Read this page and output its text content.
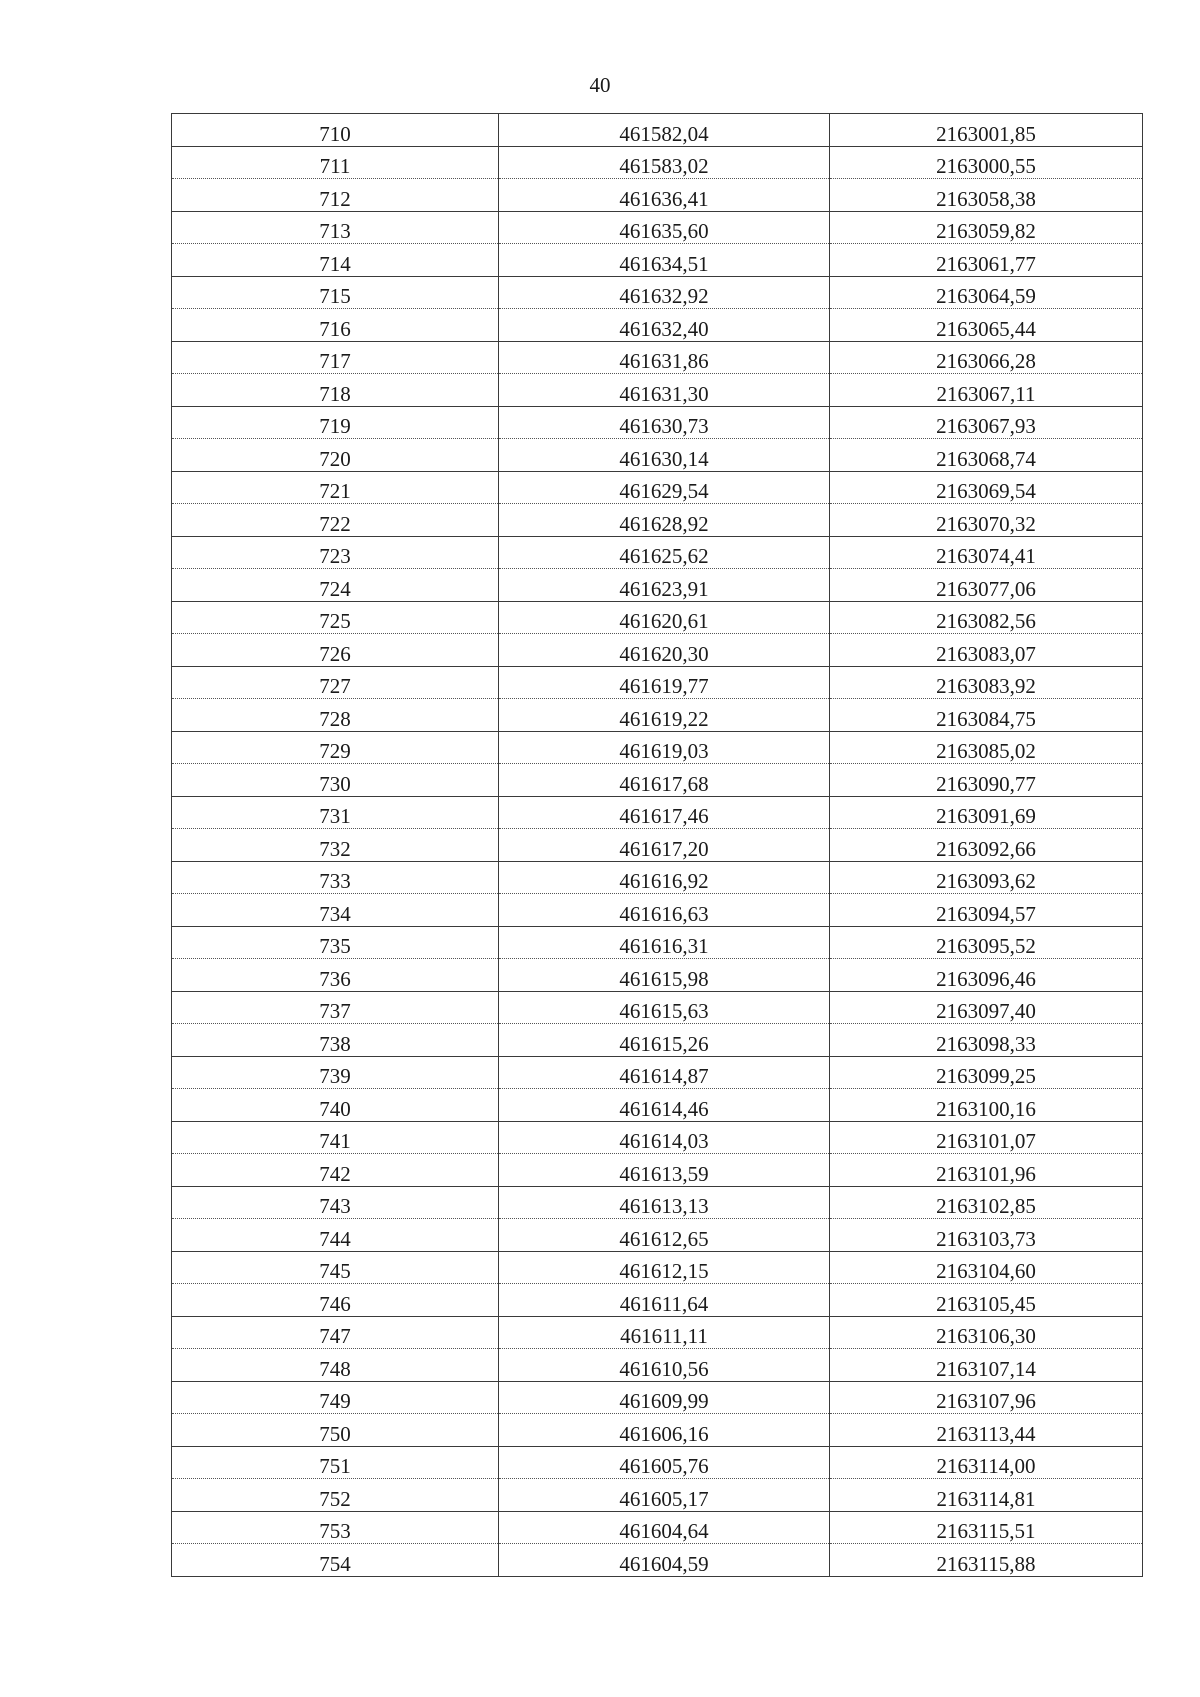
40
710	461582,04	2163001,85
711	461583,02	2163000,55
712	461636,41	2163058,38
713	461635,60	2163059,82
714	461634,51	2163061,77
715	461632,92	2163064,59
716	461632,40	2163065,44
717	461631,86	2163066,28
718	461631,30	2163067,11
719	461630,73	2163067,93
720	461630,14	2163068,74
721	461629,54	2163069,54
722	461628,92	2163070,32
723	461625,62	2163074,41
724	461623,91	2163077,06
725	461620,61	2163082,56
726	461620,30	2163083,07
727	461619,77	2163083,92
728	461619,22	2163084,75
729	461619,03	2163085,02
730	461617,68	2163090,77
731	461617,46	2163091,69
732	461617,20	2163092,66
733	461616,92	2163093,62
734	461616,63	2163094,57
735	461616,31	2163095,52
736	461615,98	2163096,46
737	461615,63	2163097,40
738	461615,26	2163098,33
739	461614,87	2163099,25
740	461614,46	2163100,16
741	461614,03	2163101,07
742	461613,59	2163101,96
743	461613,13	2163102,85
744	461612,65	2163103,73
745	461612,15	2163104,60
746	461611,64	2163105,45
747	461611,11	2163106,30
748	461610,56	2163107,14
749	461609,99	2163107,96
750	461606,16	2163113,44
751	461605,76	2163114,00
752	461605,17	2163114,81
753	461604,64	2163115,51
754	461604,59	2163115,88
